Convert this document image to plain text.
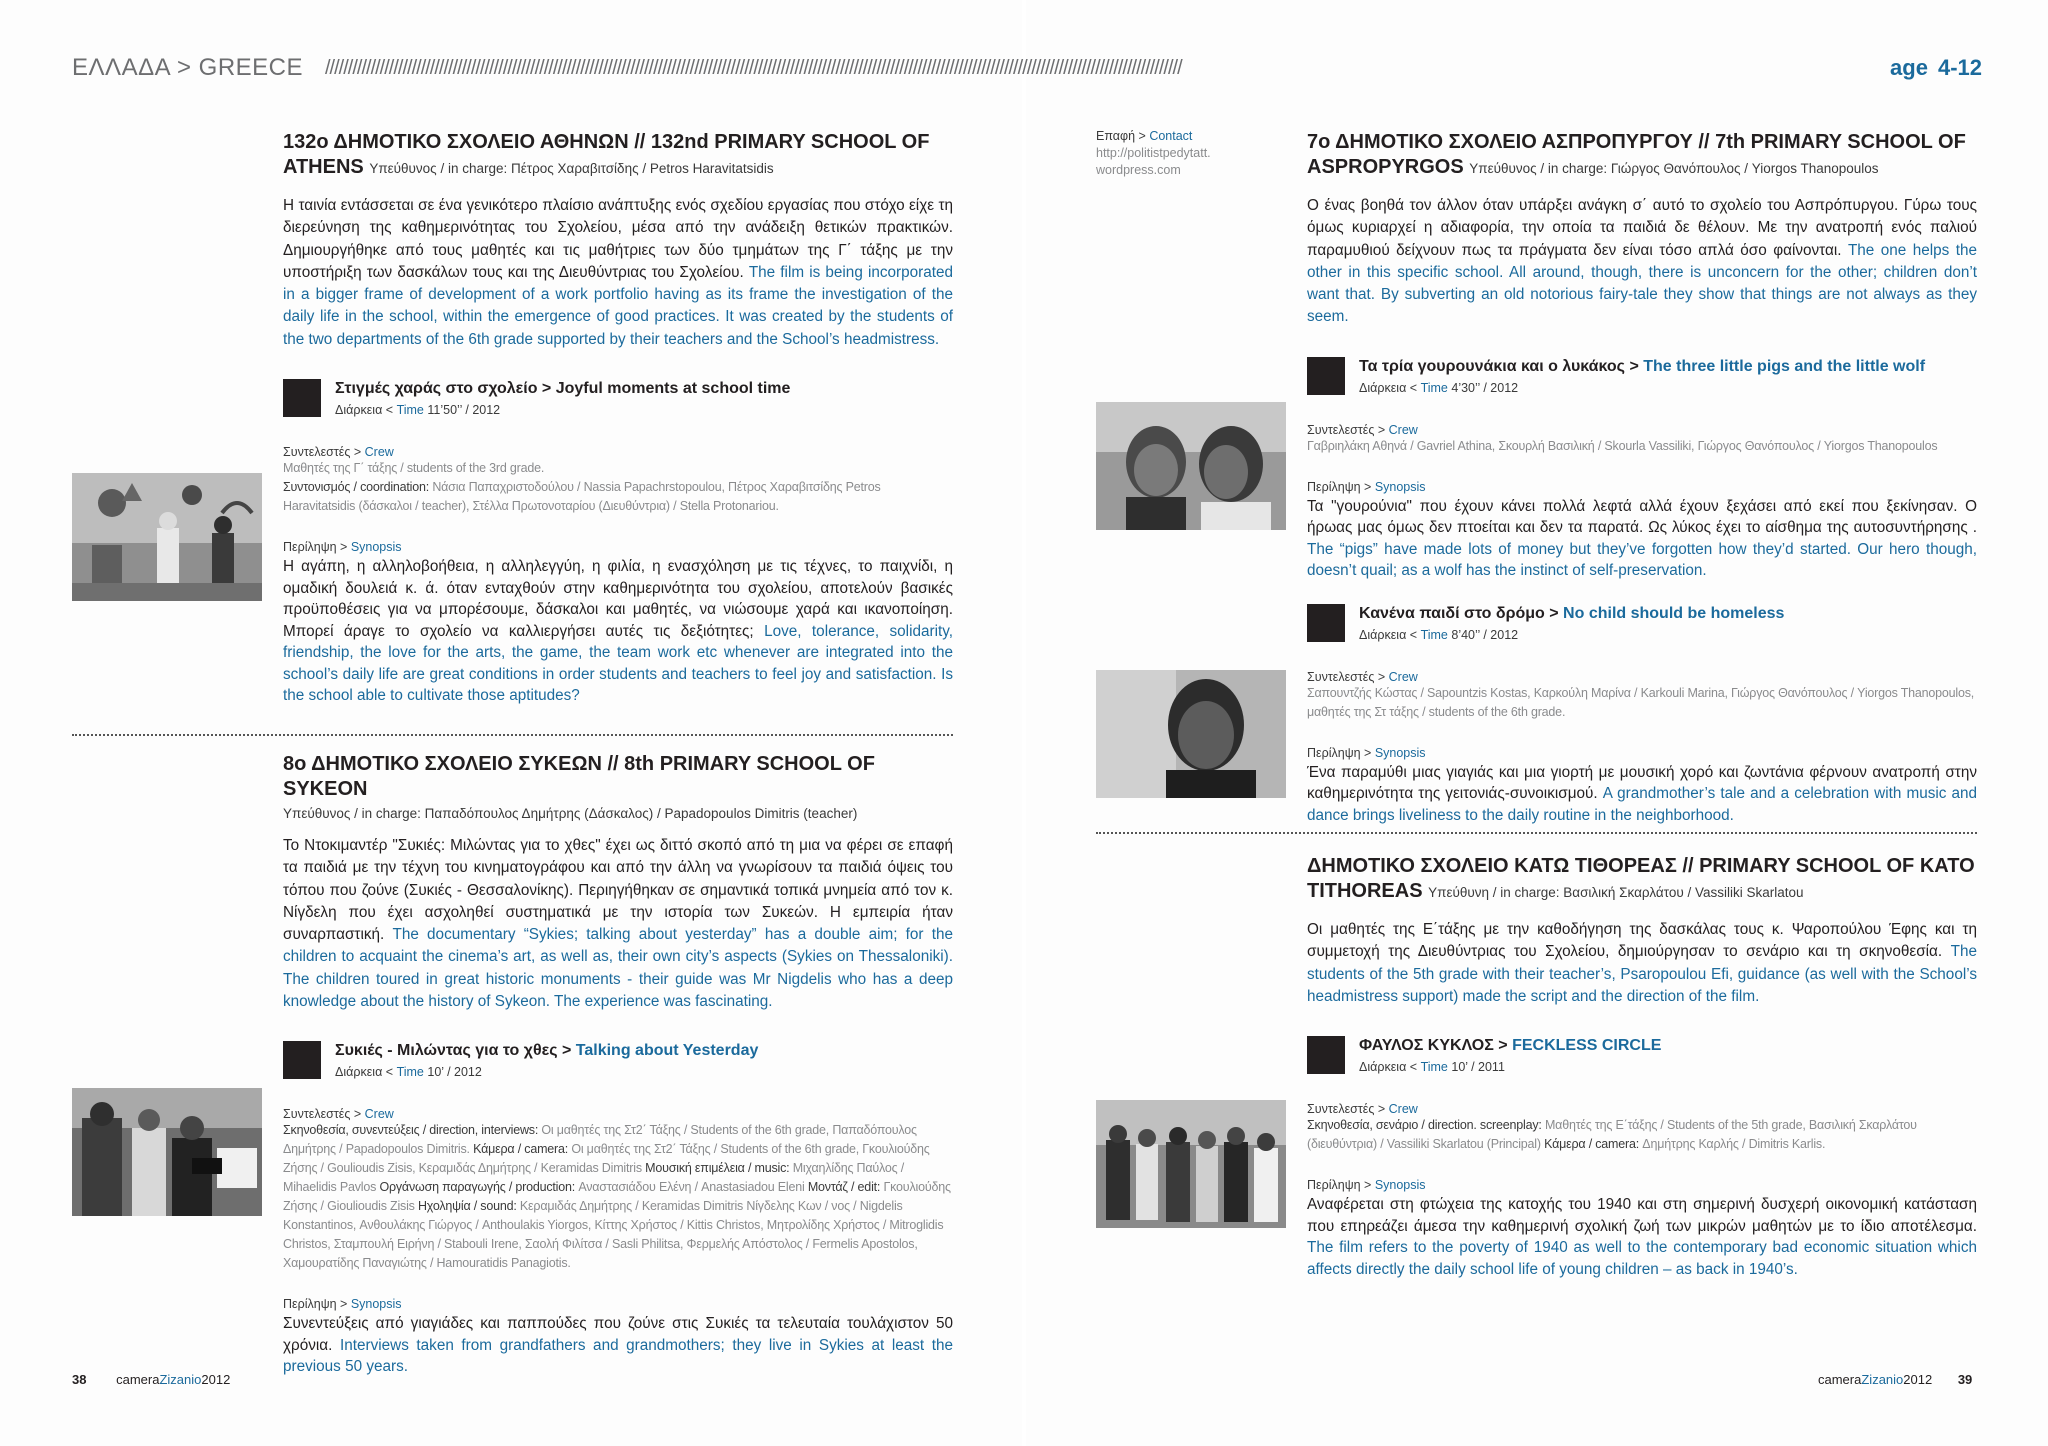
ΕΛΛΑΔΑ > GREECE ////////////////////////////////////////////////////////////////////////////////////////////////////////////////////////////////////////////////////////////////////////////////////////////	age 4-12

132ο ΔΗΜΟΤΙΚΟ ΣΧΟΛΕΙΟ ΑΘΗΝΩΝ // 132nd PRIMARY SCHOOL OF ATHENS Υπεύθυνος / in charge: Πέτρος Χαραβιτσίδης / Petros Haravitatsidis

Η ταινία εντάσσεται σε ένα γενικότερο πλαίσιο ανάπτυξης ενός σχεδίου εργασίας που στόχο είχε τη διερεύνηση της καθημερινότητας του Σχολείου, μέσα από την ανάδειξη θετικών πρακτικών. Δημιουργήθηκε από τους μαθητές και τις μαθήτριες των δύο τμημάτων της Γ΄ τάξης με την υποστήριξη των δασκάλων τους και της Διευθύντριας του Σχολείου. The film is being incorporated in a bigger frame of development of a work portfolio having as its frame the investigation of the daily life in the school, within the emergence of good practices. It was created by the students of the two departments of the 6th grade supported by their teachers and the School’s headmistress.

Στιγμές χαράς στο σχολείο > Joyful moments at school time
Διάρκεια < Time 11’50’’ / 2012
Συντελεστές > Crew
Μαθητές της Γ΄ τάξης / students of the 3rd grade.
Συντονισμός / coordination: Νάσια Παπαχριστοδούλου / Nassia Papachrstopoulou, Πέτρος Χαραβιτσίδης Petros Haravitatsidis (δάσκαλοι / teacher), Στέλλα Πρωτονοταρίου (Διευθύντρια) / Stella Protonariou.
Περίληψη > Synopsis
Η αγάπη, η αλληλοβοήθεια, η αλληλεγγύη, η φιλία, η ενασχόληση με τις τέχνες, το παιχνίδι, η ομαδική δουλειά κ. ά. όταν ενταχθούν στην καθημερινότητα του σχολείου, αποτελούν βασικές προϋποθέσεις για να μπορέσουμε, δάσκαλοι και μαθητές, να νιώσουμε χαρά και ικανοποίηση. Μπορεί άραγε το σχολείο να καλλιεργήσει αυτές τις δεξιότητες; Love, tolerance, solidarity, friendship, the love for the arts, the game, the team work etc whenever are integrated into the school’s daily life are great conditions in order students and teachers to feel joy and satisfaction. Is the school able to cultivate those aptitudes?

8ο ΔΗΜΟΤΙΚΟ ΣΧΟΛΕΙΟ ΣΥΚΕΩΝ // 8th PRIMARY SCHOOL OF SYKEON

Υπεύθυνος / in charge: Παπαδόπουλος Δημήτρης (Δάσκαλος) / Papadopoulos Dimitris (teacher)

Το Ντοκιμαντέρ "Συκιές: Μιλώντας για το χθες" έχει ως διττό σκοπό από τη μια να φέρει σε επαφή τα παιδιά με την τέχνη του κινηματογράφου και από την άλλη να γνωρίσουν τα παιδιά όψεις του τόπου που ζούνε (Συκιές - Θεσσαλονίκης). Περιηγήθηκαν σε σημαντικά τοπικά μνημεία από τον κ. Νίγδελη που έχει ασχοληθεί συστηματικά με την ιστορία των Συκεών. Η εμπειρία ήταν συναρπαστική. The documentary “Sykies; talking about yesterday” has a double aim; for the children to acquaint the cinema’s art, as well as, their own city’s aspects (Sykies on Thessaloniki). The children toured in great historic monuments - their guide was Mr Nigdelis who has a deep knowledge about the history of Sykeon. The experience was fascinating.

Συκιές - Μιλώντας για το χθες > Talking about Yesterday
Διάρκεια < Time 10’ / 2012
Συντελεστές > Crew
Σκηνοθεσία, συνεντεύξεις / direction, interviews: Οι μαθητές της Στ2΄ Τάξης / Students of the 6th grade, Παπαδόπουλος Δημήτρης / Papadopoulos Dimitris. Κάμερα / camera: Οι μαθητές της Στ2΄ Τάξης / Students of the 6th grade, Γκουλιούδης Ζήσης / Goulioudis Zisis, Κεραμιδάς Δημήτρης / Keramidas Dimitris Μουσική επιμέλεια / music: Μιχαηλίδης Παύλος / Mihaelidis Pavlos Οργάνωση παραγωγής / production: Αναστασιάδου Ελένη / Anastasiadou Eleni Μοντάζ / edit: Γκουλιούδης Ζήσης / Gioulioudis Zisis Ηχοληψία / sound: Κεραμιδάς Δημήτρης / Keramidas Dimitris Νίγδελης Κων / νος / Nigdelis Konstantinos, Ανθουλάκης Γιώργος / Anthoulakis Yiorgos, Κίττης Χρήστος / Kittis Christos, Μητρολίδης Χρήστος / Mitroglidis Christos, Σταμπουλή Ειρήνη / Stabouli Irene, Σαολή Φιλίτσα / Sasli Philitsa, Φερμελής Απόστολος / Fermelis Apostolos, Χαμουρατίδης Παναγιώτης / Hamouratidis Panagiotis.
Περίληψη > Synopsis
Συνεντεύξεις από γιαγιάδες και παππούδες που ζούνε στις Συκιές τα τελευταία τουλάχιστον 50 χρόνια. Interviews taken from grandfathers and grandmothers; they live in Sykies at least the previous 50 years.
38 cameraZizanio2012
Επαφή > Contact
http://politistpedytatt.
wordpress.com

7ο ΔΗΜΟΤΙΚΟ ΣΧΟΛΕΙΟ ΑΣΠΡΟΠΥΡΓΟΥ // 7th PRIMARY SCHOOL OF ASPROPYRGOS Υπεύθυνος / in charge: Γιώργος Θανόπουλος / Yiorgos Thanopoulos

Ο ένας βοηθά τον άλλον όταν υπάρξει ανάγκη σ΄ αυτό το σχολείο του Ασπρόπυργου. Γύρω τους όμως κυριαρχεί η αδιαφορία, την οποία τα παιδιά δε θέλουν. Με την ανατροπή ενός παλιού παραμυθιού δείχνουν πως τα πράγματα δεν είναι τόσο απλά όσο φαίνονται. The one helps the other in this specific school. All around, though, there is unconcern for the other; children don’t want that. By subverting an old notorious fairy-tale they show that things are not always as they seem.

Τα τρία γουρουνάκια και ο λυκάκος > The three little pigs and the little wolf
Διάρκεια < Time 4’30’’ / 2012
Συντελεστές > Crew
Γαβριηλάκη Αθηνά / Gavriel Athina, Σκουρλή Βασιλική / Skourla Vassiliki, Γιώργος Θανόπουλος / Yiorgos Thanopoulos
Περίληψη > Synopsis
Τα "γουρούνια" που έχουν κάνει πολλά λεφτά αλλά έχουν ξεχάσει από εκεί που ξεκίνησαν. Ο ήρωας μας όμως δεν πτοείται και δεν τα παρατά. Ως λύκος έχει το αίσθημα της αυτοσυντήρησης . The “pigs” have made lots of money but they’ve forgotten how they’d started. Our hero though, doesn’t quail; as a wolf has the instinct of self-preservation.
Κανένα παιδί στο δρόμο > No child should be homeless
Διάρκεια < Time 8’40’’ / 2012
Συντελεστές > Crew
Σαπουντζής Κώστας / Sapountzis Kostas, Καρκούλη Μαρίνα / Karkouli Marina, Γιώργος Θανόπουλος / Yiorgos Thanopoulos, μαθητές της Στ τάξης / students of the 6th grade.
Περίληψη > Synopsis
Ένα παραμύθι μιας γιαγιάς και μια γιορτή με μουσική χορό και ζωντάνια φέρνουν ανατροπή στην καθημερινότητα της γειτονιάς-συνοικισμού. A grandmother’s tale and a celebration with music and dance brings liveliness to the daily routine in the neighborhood.

ΔΗΜΟΤΙΚΟ ΣΧΟΛΕΙΟ ΚΑΤΩ ΤΙΘΟΡΕΑΣ // PRIMARY SCHOOL OF KATO TITHOREAS Υπεύθυνη / in charge: Βασιλική Σκαρλάτου / Vassiliki Skarlatou

Οι μαθητές της Ε΄τάξης με την καθοδήγηση της δασκάλας τους κ. Ψαροπούλου Έφης και τη συμμετοχή της Διευθύντριας του Σχολείου, δημιούργησαν το σενάριο και τη σκηνοθεσία. The students of the 5th grade with their teacher’s, Psaropoulou Efi, guidance (as well with the School’s headmistress support) made the script and the direction of the film.

ΦΑΥΛΟΣ ΚΥΚΛΟΣ > FECKLESS CIRCLE
Διάρκεια < Time 10’ / 2011
Συντελεστές > Crew
Σκηνοθεσία, σενάριο / direction. screenplay: Μαθητές της Ε΄τάξης / Students of the 5th grade, Βασιλική Σκαρλάτου (διευθύντρια) / Vassiliki Skarlatou (Principal) Κάμερα / camera: Δημήτρης Καρλής / Dimitris Karlis.
Περίληψη > Synopsis
Αναφέρεται στη φτώχεια της κατοχής του 1940 και στη σημερινή δυσχερή οικονομική κατάσταση που επηρεάζει άμεσα την καθημερινή σχολική ζωή των μικρών μαθητών με το ίδιο αποτέλεσμα. The film refers to the poverty of 1940 as well to the contemporary bad economic situation which affects directly the daily school life of young children – as back in 1940’s.
cameraZizanio2012 39
